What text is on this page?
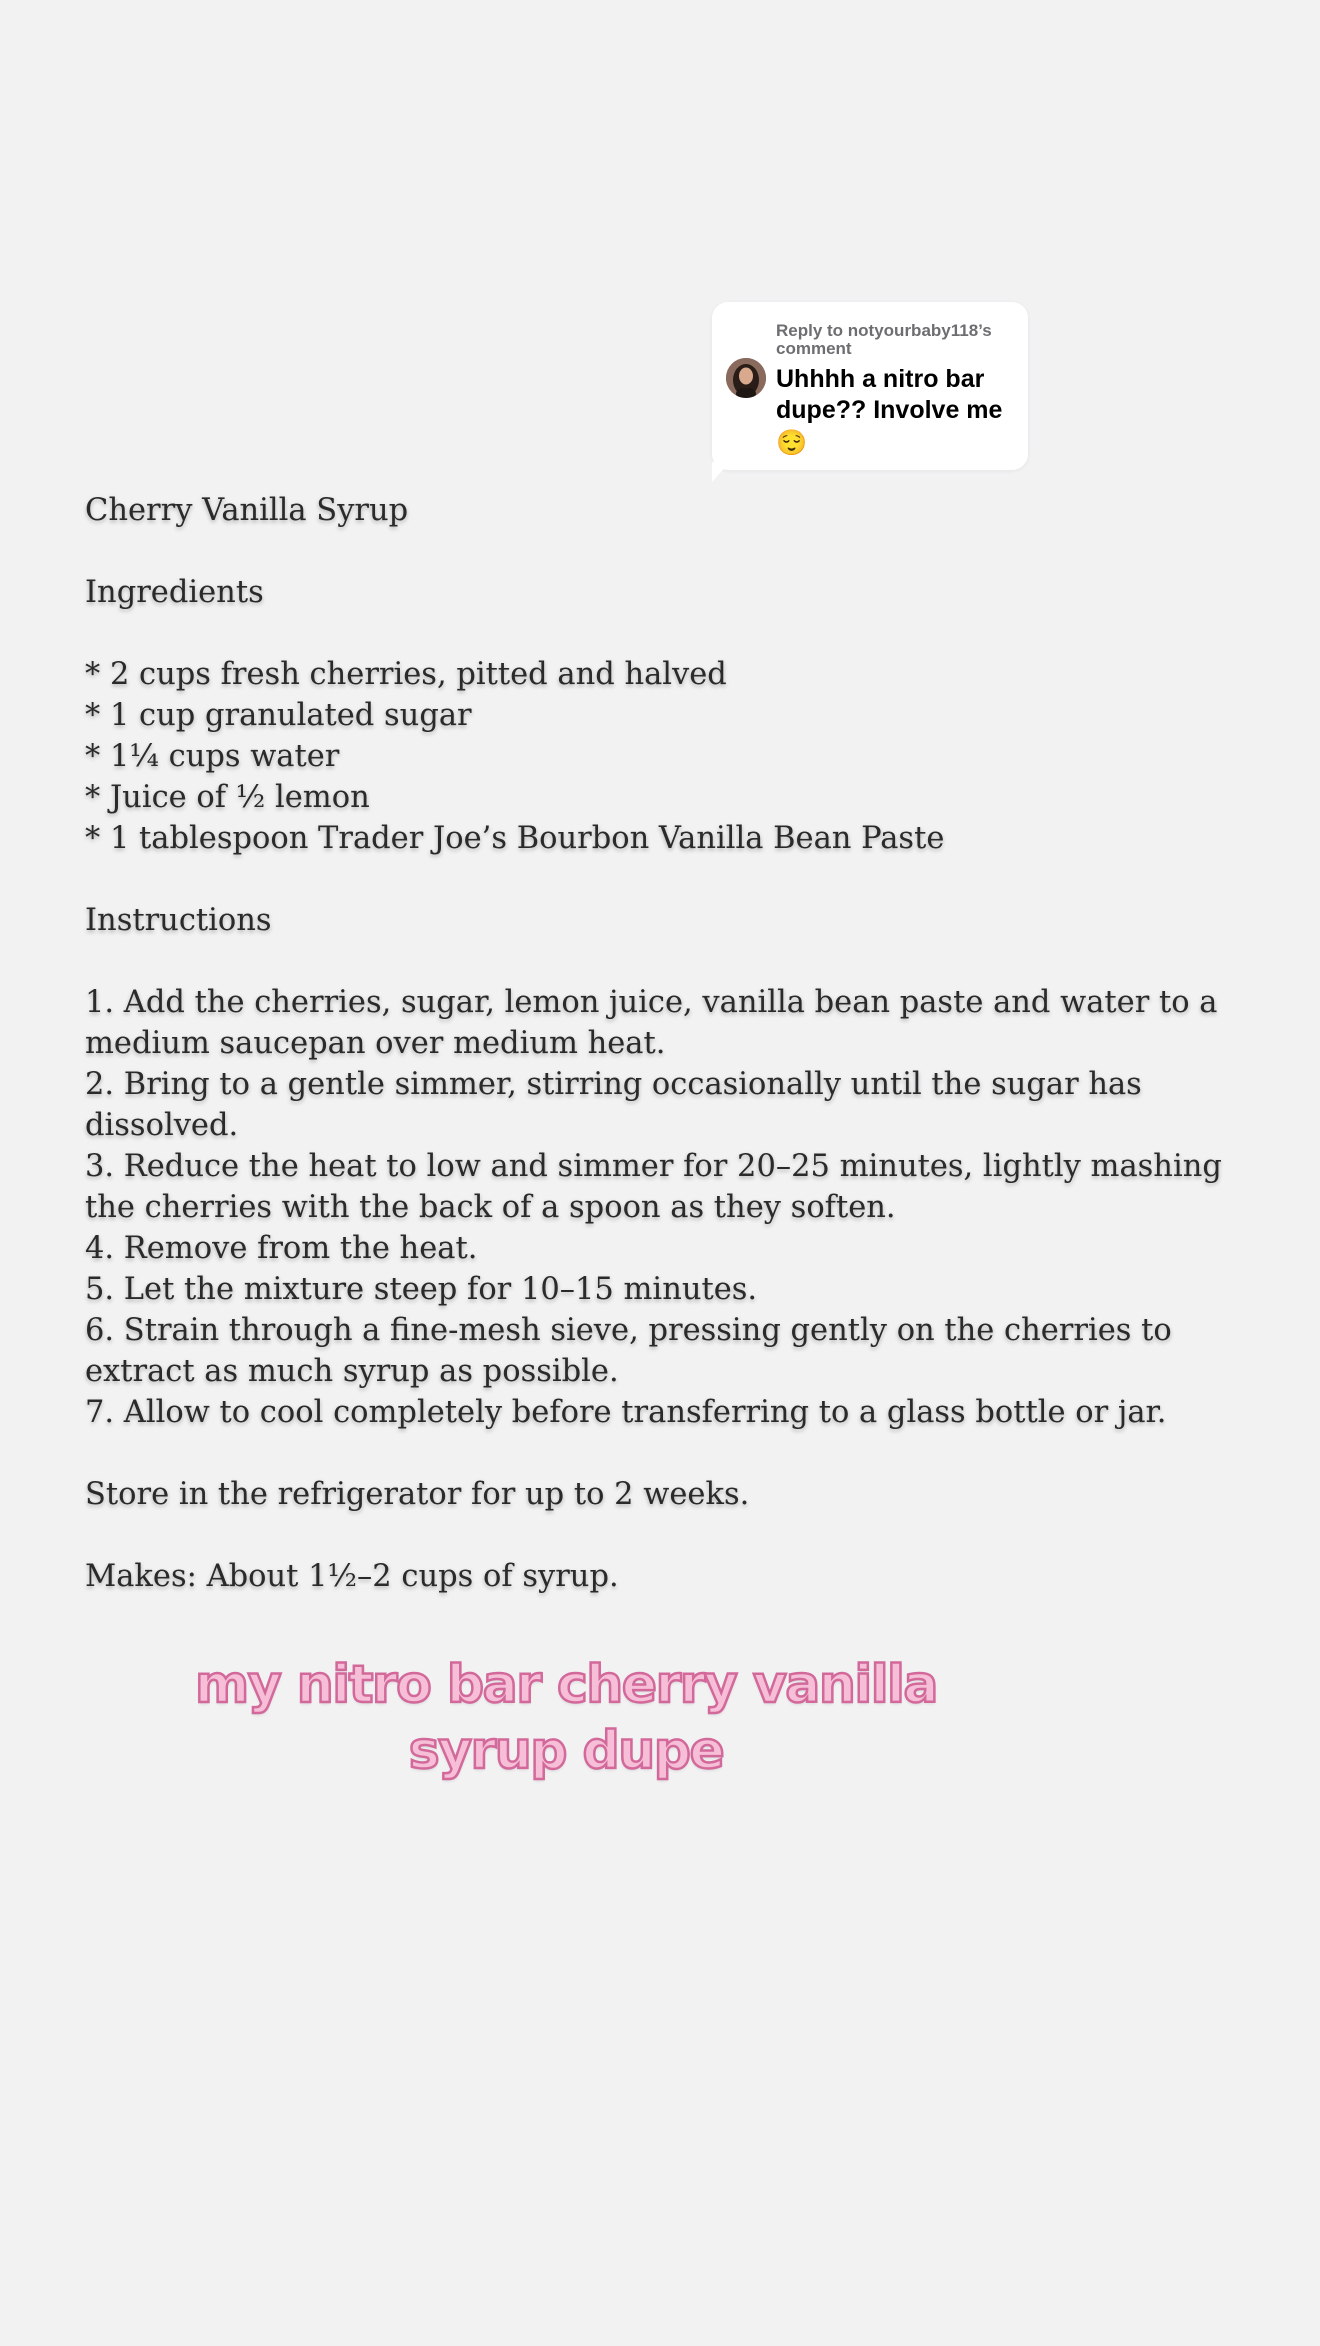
Reply to notyourbaby118’s comment

Uhhhh a nitro bar dupe?? Involve me
😌
Cherry Vanilla Syrup
Ingredients
* 2 cups fresh cherries, pitted and halved
* 1 cup granulated sugar
* 1¼ cups water
* Juice of ½ lemon
* 1 tablespoon Trader Joe’s Bourbon Vanilla Bean Paste
Instructions
1. Add the cherries, sugar, lemon juice, vanilla bean paste and water to a medium saucepan over medium heat.
2. Bring to a gentle simmer, stirring occasionally until the sugar has dissolved.
3. Reduce the heat to low and simmer for 20–25 minutes, lightly mashing the cherries with the back of a spoon as they soften.
4. Remove from the heat.
5. Let the mixture steep for 10–15 minutes.
6. Strain through a fine-mesh sieve, pressing gently on the cherries to extract as much syrup as possible.
7. Allow to cool completely before transferring to a glass bottle or jar.
Store in the refrigerator for up to 2 weeks.
Makes: About 1½–2 cups of syrup.
my nitro bar cherry vanilla
syrup dupe
